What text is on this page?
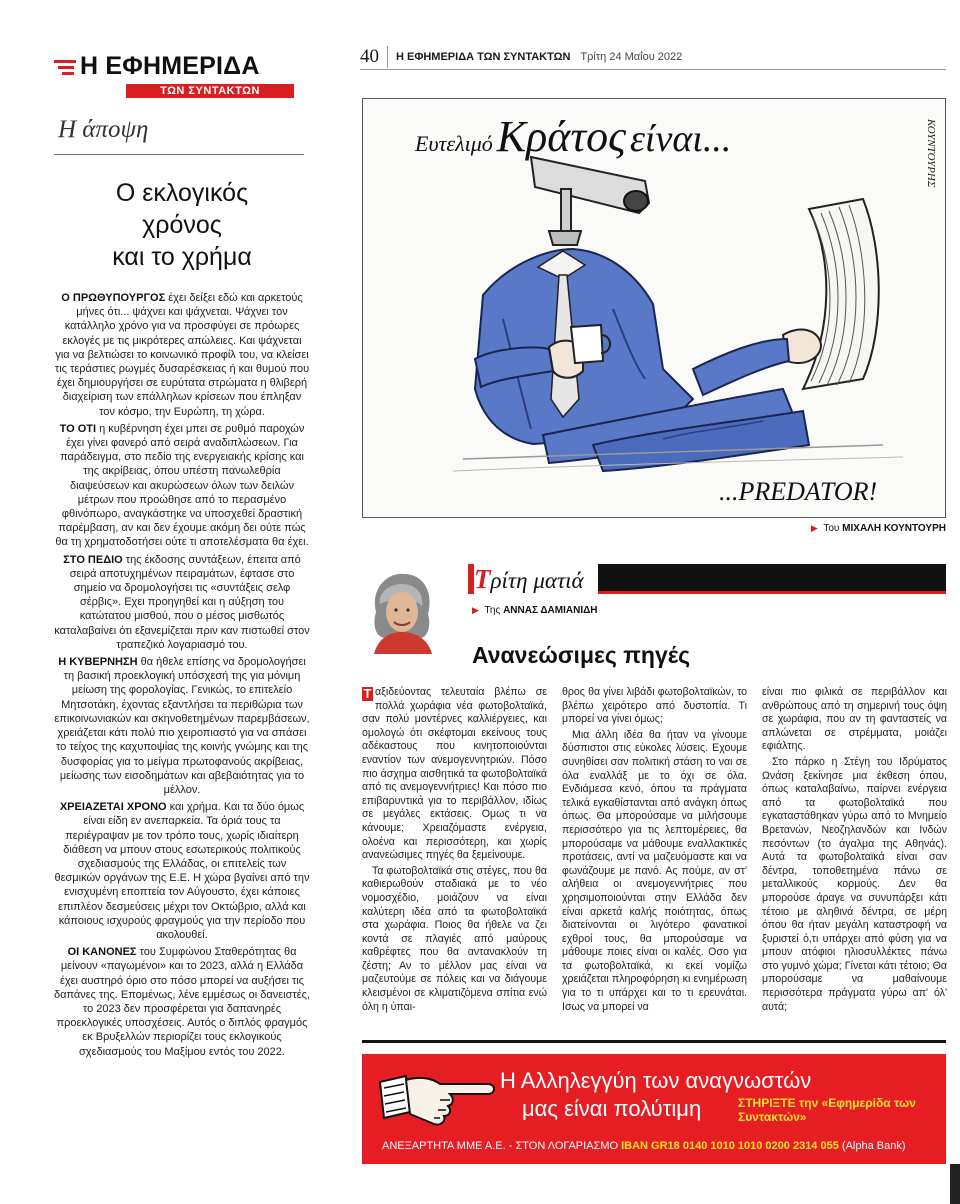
Η ΕΦΗΜΕΡΙΔΑ
ΤΩΝ ΣΥΝΤΑΚΤΩΝ
Η άποψη
Ο εκλογικός
χρόνος
και το χρήμα

Ο ΠΡΩΘΥΠΟΥΡΓΟΣ έχει δείξει εδώ και αρκετούς μήνες ότι... ψάχνει και ψάχνεται. Ψάχνει τον κατάλληλο χρόνο για να προσφύγει σε πρόωρες εκλογές με τις μικρότερες απώλειες. Και ψάχνεται για να βελτιώσει το κοινωνικό προφίλ του, να κλείσει τις τεράστιες ρωγμές δυσαρέσκειας ή και θυμού που έχει δημιουργήσει σε ευρύτατα στρώματα η θλιβερή διαχείριση των επάλληλων κρίσεων που έπληξαν τον κόσμο, την Ευρώπη, τη χώρα.

ΤΟ ΟΤΙ η κυβέρνηση έχει μπει σε ρυθμό παροχών έχει γίνει φανερό από σειρά αναδιπλώσεων. Για παράδειγμα, στο πεδίο της ενεργειακής κρίσης και της ακρίβειας, όπου υπέστη πανωλεθρία διαψεύσεων και ακυρώσεων όλων των δειλών μέτρων που προώθησε από το περασμένο φθινόπωρο, αναγκάστηκε να υποσχεθεί δραστική παρέμβαση, αν και δεν έχουμε ακόμη δει ούτε πώς θα τη χρηματοδοτήσει ούτε τι αποτελέσματα θα έχει.

ΣΤΟ ΠΕΔΙΟ της έκδοσης συντάξεων, έπειτα από σειρά αποτυχημένων πειραμάτων, έφτασε στο σημείο να δρομολογήσει τις «συντάξεις σελφ σέρβις». Εχει προηγηθεί και η αύξηση του κατώτατου μισθού, που ο μέσος μισθωτός καταλαβαίνει ότι εξανεμίζεται πριν καν πιστωθεί στον τραπεζικό λογαριασμό του.

Η ΚΥΒΕΡΝΗΣΗ θα ήθελε επίσης να δρομολογήσει τη βασική προεκλογική υπόσχεσή της για μόνιμη μείωση της φορολογίας. Γενικώς, το επιτελείο Μητσοτάκη, έχοντας εξαντλήσει τα περιθώρια των επικοινωνιακών και σκηνοθετημένων παρεμβάσεων, χρειάζεται κάτι πολύ πιο χειροπιαστό για να σπάσει το τείχος της καχυποψίας της κοινής γνώμης και της δυσφορίας για το μείγμα πρωτοφανούς ακρίβειας, μείωσης των εισοδημάτων και αβεβαιότητας για το μέλλον.

ΧΡΕΙΑΖΕΤΑΙ ΧΡΟΝΟ και χρήμα. Και τα δύο όμως είναι είδη εν ανεπαρκεία. Τα όριά τους τα περιέγραψαν με τον τρόπο τους, χωρίς ιδιαίτερη διάθεση να μπουν στους εσωτερικούς πολιτικούς σχεδιασμούς της Ελλάδας, οι επιτελείς των θεσμικών οργάνων της Ε.Ε. Η χώρα βγαίνει από την ενισχυμένη εποπτεία τον Αύγουστο, έχει κάποιες επιπλέον δεσμεύσεις μέχρι τον Οκτώβριο, αλλά και κάποιους ισχυρούς φραγμούς για την περίοδο που ακολουθεί.

ΟΙ ΚΑΝΟΝΕΣ του Συμφώνου Σταθερότητας θα μείνουν «παγωμένοι» και το 2023, αλλά η Ελλάδα έχει αυστηρό όριο στο πόσο μπορεί να αυξήσει τις δαπάνες της. Επομένως, λένε εμμέσως οι δανειστές, το 2023 δεν προσφέρεται για δαπανηρές προεκλογικές υποσχέσεις. Αυτός ο διπλός φραγμός εκ Βρυξελλών περιορίζει τους εκλογικούς σχεδιασμούς του Μαξίμου εντός του 2022.

40	Η ΕΦΗΜΕΡΙΔΑ ΤΩΝ ΣΥΝΤΑΚΤΩΝ Τρίτη 24 Μαΐου 2022
Ευτελιμό Κράτος είναι...
...PREDATOR!
ΚΟΥΝΤΟΥΡΗΣ
▶ Του ΜΙΧΑΛΗ ΚΟΥΝΤΟΥΡΗ
Τρίτη ματιά
▶ Της ΑΝΝΑΣ ΔΑΜΙΑΝΙΔΗ
Ανανεώσιμες πηγές

Τ αξιδεύοντας τελευταία βλέπω σε πολλά χωράφια νέα φωτοβολταϊκά, σαν πολύ μοντέρνες καλλιέργειες, και ομολογώ ότι σκέφτομαι εκείνους τους αδέκαστους που κινητοποιούνται εναντίον των ανεμογεννητριών. Πόσο πιο άσχημα αισθητικά τα φωτοβολταϊκά από τις ανεμογεννήτριες! Και πόσο πιο επιβαρυντικά για το περιβάλλον, ιδίως σε μεγάλες εκτάσεις. Ομως τι να κάνουμε; Χρειαζόμαστε ενέργεια, ολοένα και περισσότερη, και χωρίς ανανεώσιμες πηγές θα ξεμείνουμε.

Τα φωτοβολταϊκά στις στέγες, που θα καθιερωθούν σταδιακά με το νέο νομοσχέδιο, μοιάζουν να είναι καλύτερη ιδέα από τα φωτοβολταϊκά στα χωράφια. Ποιος θα ήθελε να ζει κοντά σε πλαγιές από μαύρους καθρέφτες που θα αντανακλούν τη ζέστη; Αν το μέλλον μας είναι να μαζευτούμε σε πόλεις και να διάγουμε κλεισμένοι σε κλιματιζόμενα σπίτια ενώ όλη η ύπαι-

θρος θα γίνει λιβάδι φωτοβολταϊκών, το βλέπω χειρότερο από δυστοπία. Τι μπορεί να γίνει όμως;

Μια άλλη ιδέα θα ήταν να γίνουμε δύσπιστοι στις εύκολες λύσεις. Εχουμε συνηθίσει σαν πολιτική στάση το ναι σε όλα εναλλάξ με το όχι σε όλα. Ενδιάμεσα κενό, όπου τα πράγματα τελικά εγκαθίστανται από ανάγκη όπως όπως. Θα μπορούσαμε να μιλήσουμε περισσότερο για τις λεπτομέρειες, θα μπορούσαμε να μάθουμε εναλλακτικές προτάσεις, αντί να μαζευόμαστε και να φωνάζουμε με πανό. Ας πούμε, αν στ' αλήθεια οι ανεμογεννήτριες που χρησιμοποιούνται στην Ελλάδα δεν είναι αρκετά καλής ποιότητας, όπως διατείνονται οι λιγότερο φανατικοί εχθροί τους, θα μπορούσαμε να μάθουμε ποιες είναι οι καλές. Οσο για τα φωτοβολταϊκά, κι εκεί νομίζω χρειάζεται πληροφόρηση κι ενημέρωση για το τι υπάρχει και το τι ερευνάται. Ισως να μπορεί να

είναι πιο φιλικά σε περιβάλλον και ανθρώπους από τη σημερινή τους όψη σε χωράφια, που αν τη φανταστείς να απλώνεται σε στρέμματα, μοιάζει εφιάλτης.

Στο πάρκο η Στέγη του Ιδρύματος Ωνάση ξεκίνησε μια έκθεση όπου, όπως καταλαβαίνω, παίρνει ενέργεια από τα φωτοβολταϊκά που εγκαταστάθηκαν γύρω από το Μνημείο Βρετανών, Νεοζηλανδών και Ινδών πεσόντων (το άγαλμα της Αθηνάς). Αυτά τα φωτοβολταϊκά είναι σαν δέντρα, τοποθετημένα πάνω σε μεταλλικούς κορμούς. Δεν θα μπορούσε άραγε να συνυπάρξει κάτι τέτοιο με αληθινά δέντρα, σε μέρη όπου θα ήταν μεγάλη καταστροφή να ξυριστεί ό,τι υπάρχει από φύση για να μπουν ατόφιοι ηλιοσυλλέκτες πάνω στο γυμνό χώμα; Γίνεται κάτι τέτοιο; Θα μπορούσαμε να μαθαίνουμε περισσότερα πράγματα γύρω απ' όλ' αυτά;

Η Αλληλεγγύη των αναγνωστών
μας είναι πολύτιμη	ΣΤΗΡΙΞΤΕ την «Εφημερίδα των Συντακτών»
ΑΝΕΞΑΡΤΗΤΑ ΜΜΕ Α.Ε. - ΣΤΟΝ ΛΟΓΑΡΙΑΣΜΟ IBAN GR18 0140 1010 1010 0200 2314 055 (Alpha Bank)
